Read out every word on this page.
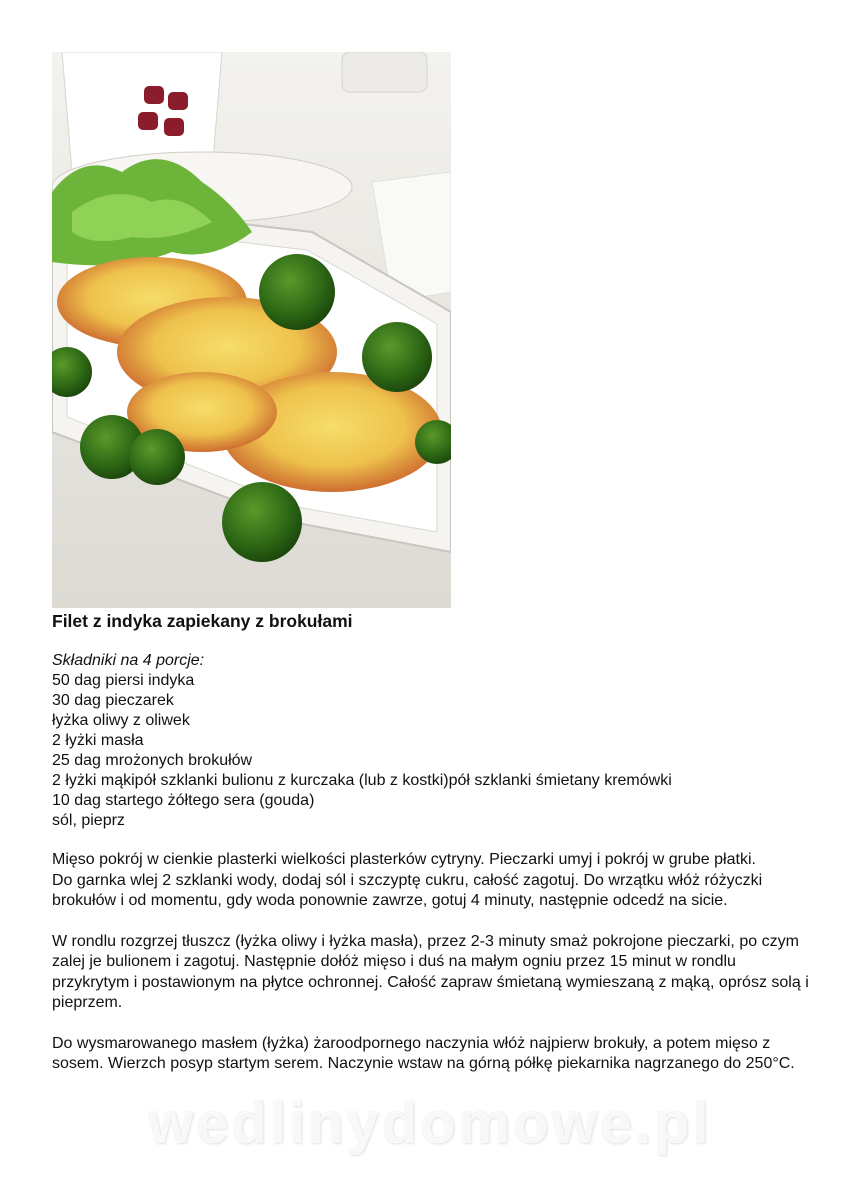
Filet z indyka zapiekany z brokułami
Składniki na 4 porcje:
50 dag piersi indyka
30 dag pieczarek
łyżka oliwy z oliwek
2 łyżki masła
25 dag mrożonych brokułów
2 łyżki mąkipół szklanki bulionu z kurczaka (lub z kostki)pół szklanki śmietany kremówki
10 dag startego żółtego sera (gouda)
sól, pieprz

Mięso pokrój w cienkie plasterki wielkości plasterków cytryny. Pieczarki umyj i pokrój w grube płatki.

Do garnka wlej 2 szklanki wody, dodaj sól i szczyptę cukru, całość zagotuj. Do wrzątku włóż różyczki brokułów i od momentu, gdy woda ponownie zawrze, gotuj 4 minuty, następnie odcedź na sicie.

W rondlu rozgrzej tłuszcz (łyżka oliwy i łyżka masła), przez 2-3 minuty smaż pokrojone pieczarki, po czym zalej je bulionem i zagotuj. Następnie dołóż mięso i duś na małym ogniu przez 15 minut w rondlu przykrytym i postawionym na płytce ochronnej. Całość zapraw śmietaną wymieszaną z mąką, oprósz solą i pieprzem.

Do wysmarowanego masłem (łyżka) żaroodpornego naczynia włóż najpierw brokuły, a potem mięso z sosem. Wierzch posyp startym serem. Naczynie wstaw na górną półkę piekarnika nagrzanego do 250°C.

wedlinydomowe.pl
